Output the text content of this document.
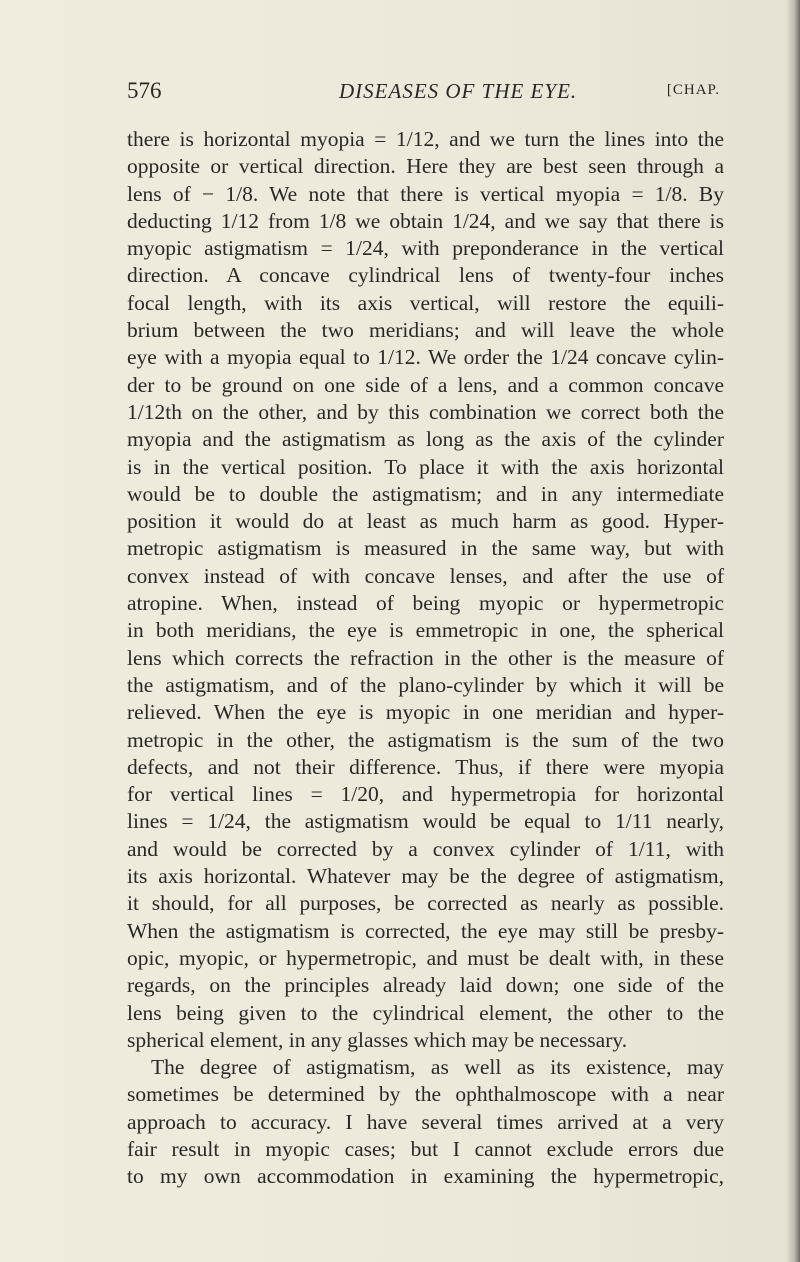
576	DISEASES OF THE EYE.	[CHAP.
there is horizontal myopia = 1/12, and we turn the lines into the
opposite or vertical direction. Here they are best seen through a
lens of − 1/8. We note that there is vertical myopia = 1/8. By
deducting 1/12 from 1/8 we obtain 1/24, and we say that there is
myopic astigmatism = 1/24, with preponderance in the vertical
direction. A concave cylindrical lens of twenty-four inches
focal length, with its axis vertical, will restore the equili-
brium between the two meridians; and will leave the whole
eye with a myopia equal to 1/12. We order the 1/24 concave cylin-
der to be ground on one side of a lens, and a common concave
1/12th on the other, and by this combination we correct both the
myopia and the astigmatism as long as the axis of the cylinder
is in the vertical position. To place it with the axis horizontal
would be to double the astigmatism; and in any intermediate
position it would do at least as much harm as good. Hyper-
metropic astigmatism is measured in the same way, but with
convex instead of with concave lenses, and after the use of
atropine. When, instead of being myopic or hypermetropic
in both meridians, the eye is emmetropic in one, the spherical
lens which corrects the refraction in the other is the measure of
the astigmatism, and of the plano-cylinder by which it will be
relieved. When the eye is myopic in one meridian and hyper-
metropic in the other, the astigmatism is the sum of the two
defects, and not their difference. Thus, if there were myopia
for vertical lines = 1/20, and hypermetropia for horizontal
lines = 1/24, the astigmatism would be equal to 1/11 nearly,
and would be corrected by a convex cylinder of 1/11, with
its axis horizontal. Whatever may be the degree of astigmatism,
it should, for all purposes, be corrected as nearly as possible.
When the astigmatism is corrected, the eye may still be presby-
opic, myopic, or hypermetropic, and must be dealt with, in these
regards, on the principles already laid down; one side of the
lens being given to the cylindrical element, the other to the
spherical element, in any glasses which may be necessary.
The degree of astigmatism, as well as its existence, may
sometimes be determined by the ophthalmoscope with a near
approach to accuracy. I have several times arrived at a very
fair result in myopic cases; but I cannot exclude errors due
to my own accommodation in examining the hypermetropic,
